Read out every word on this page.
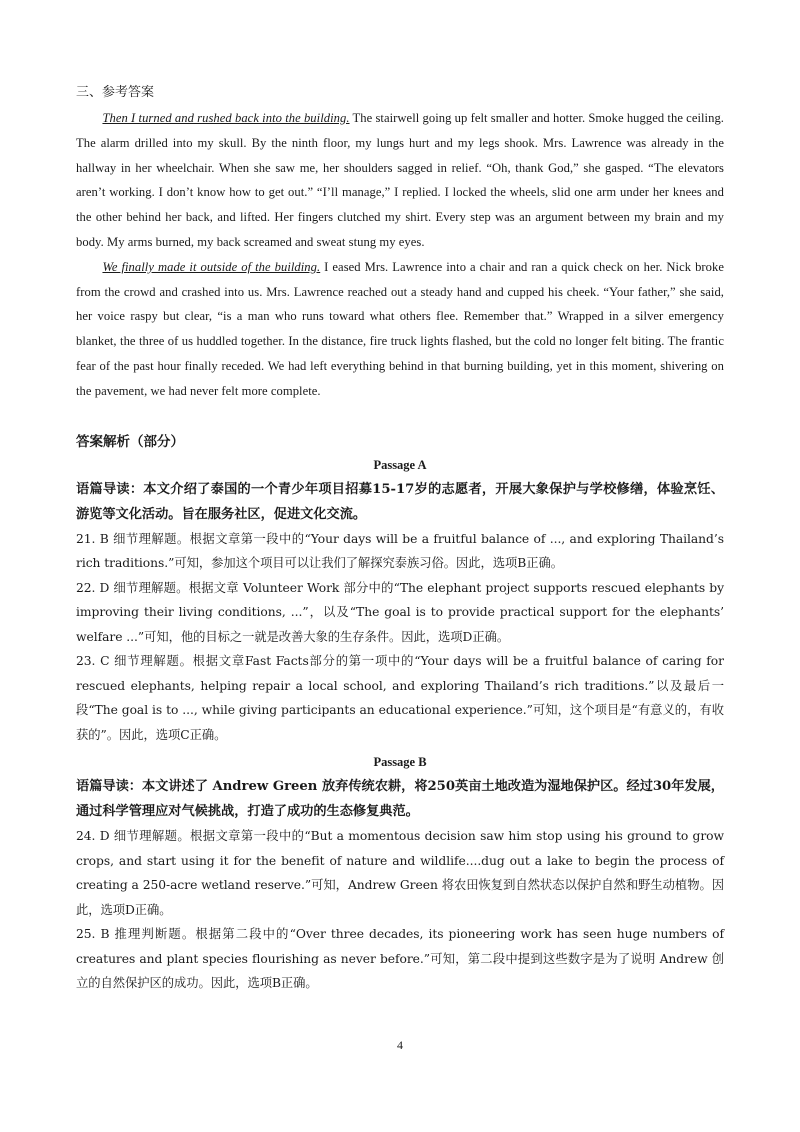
三、参考答案

Then I turned and rushed back into the building. The stairwell going up felt smaller and hotter. Smoke hugged the ceiling. The alarm drilled into my skull. By the ninth floor, my lungs hurt and my legs shook. Mrs. Lawrence was already in the hallway in her wheelchair. When she saw me, her shoulders sagged in relief. “Oh, thank God,” she gasped. “The elevators aren’t working. I don’t know how to get out.” “I’ll manage,” I replied. I locked the wheels, slid one arm under her knees and the other behind her back, and lifted. Her fingers clutched my shirt. Every step was an argument between my brain and my body. My arms burned, my back screamed and sweat stung my eyes.

We finally made it outside of the building. I eased Mrs. Lawrence into a chair and ran a quick check on her. Nick broke from the crowd and crashed into us. Mrs. Lawrence reached out a steady hand and cupped his cheek. “Your father,” she said, her voice raspy but clear, “is a man who runs toward what others flee. Remember that.” Wrapped in a silver emergency blanket, the three of us huddled together. In the distance, fire truck lights flashed, but the cold no longer felt biting. The frantic fear of the past hour finally receded. We had left everything behind in that burning building, yet in this moment, shivering on the pavement, we had never felt more complete.

答案解析（部分）
Passage A

语篇导读：本文介绍了泰国的一个青少年项目招募15-17岁的志愿者，开展大象保护与学校修缮，体验烹饪、游览等文化活动。旨在服务社区，促进文化交流。

21. B 细节理解题。根据文章第一段中的“Your days will be a fruitful balance of ..., and exploring Thailand’s rich traditions.”可知，参加这个项目可以让我们了解探究泰族习俗。因此，选项B正确。

22. D 细节理解题。根据文章 Volunteer Work 部分中的“The elephant project supports rescued elephants by improving their living conditions, ...”，以及“The goal is to provide practical support for the elephants’ welfare ...”可知，他的目标之一就是改善大象的生存条件。因此，选项D正确。

23. C 细节理解题。根据文章Fast Facts部分的第一项中的“Your days will be a fruitful balance of caring for rescued elephants, helping repair a local school, and exploring Thailand’s rich traditions.”以及最后一段“The goal is to ..., while giving participants an educational experience.”可知，这个项目是“有意义的，有收获的”。因此，选项C正确。

Passage B

语篇导读：本文讲述了 Andrew Green 放弃传统农耕，将250英亩土地改造为湿地保护区。经过30年发展，通过科学管理应对气候挑战，打造了成功的生态修复典范。

24. D 细节理解题。根据文章第一段中的“But a momentous decision saw him stop using his ground to grow crops, and start using it for the benefit of nature and wildlife....dug out a lake to begin the process of creating a 250-acre wetland reserve.”可知，Andrew Green 将农田恢复到自然状态以保护自然和野生动植物。因此，选项D正确。

25. B 推理判断题。根据第二段中的“Over three decades, its pioneering work has seen huge numbers of creatures and plant species flourishing as never before.”可知，第二段中提到这些数字是为了说明 Andrew 创立的自然保护区的成功。因此，选项B正确。

4
